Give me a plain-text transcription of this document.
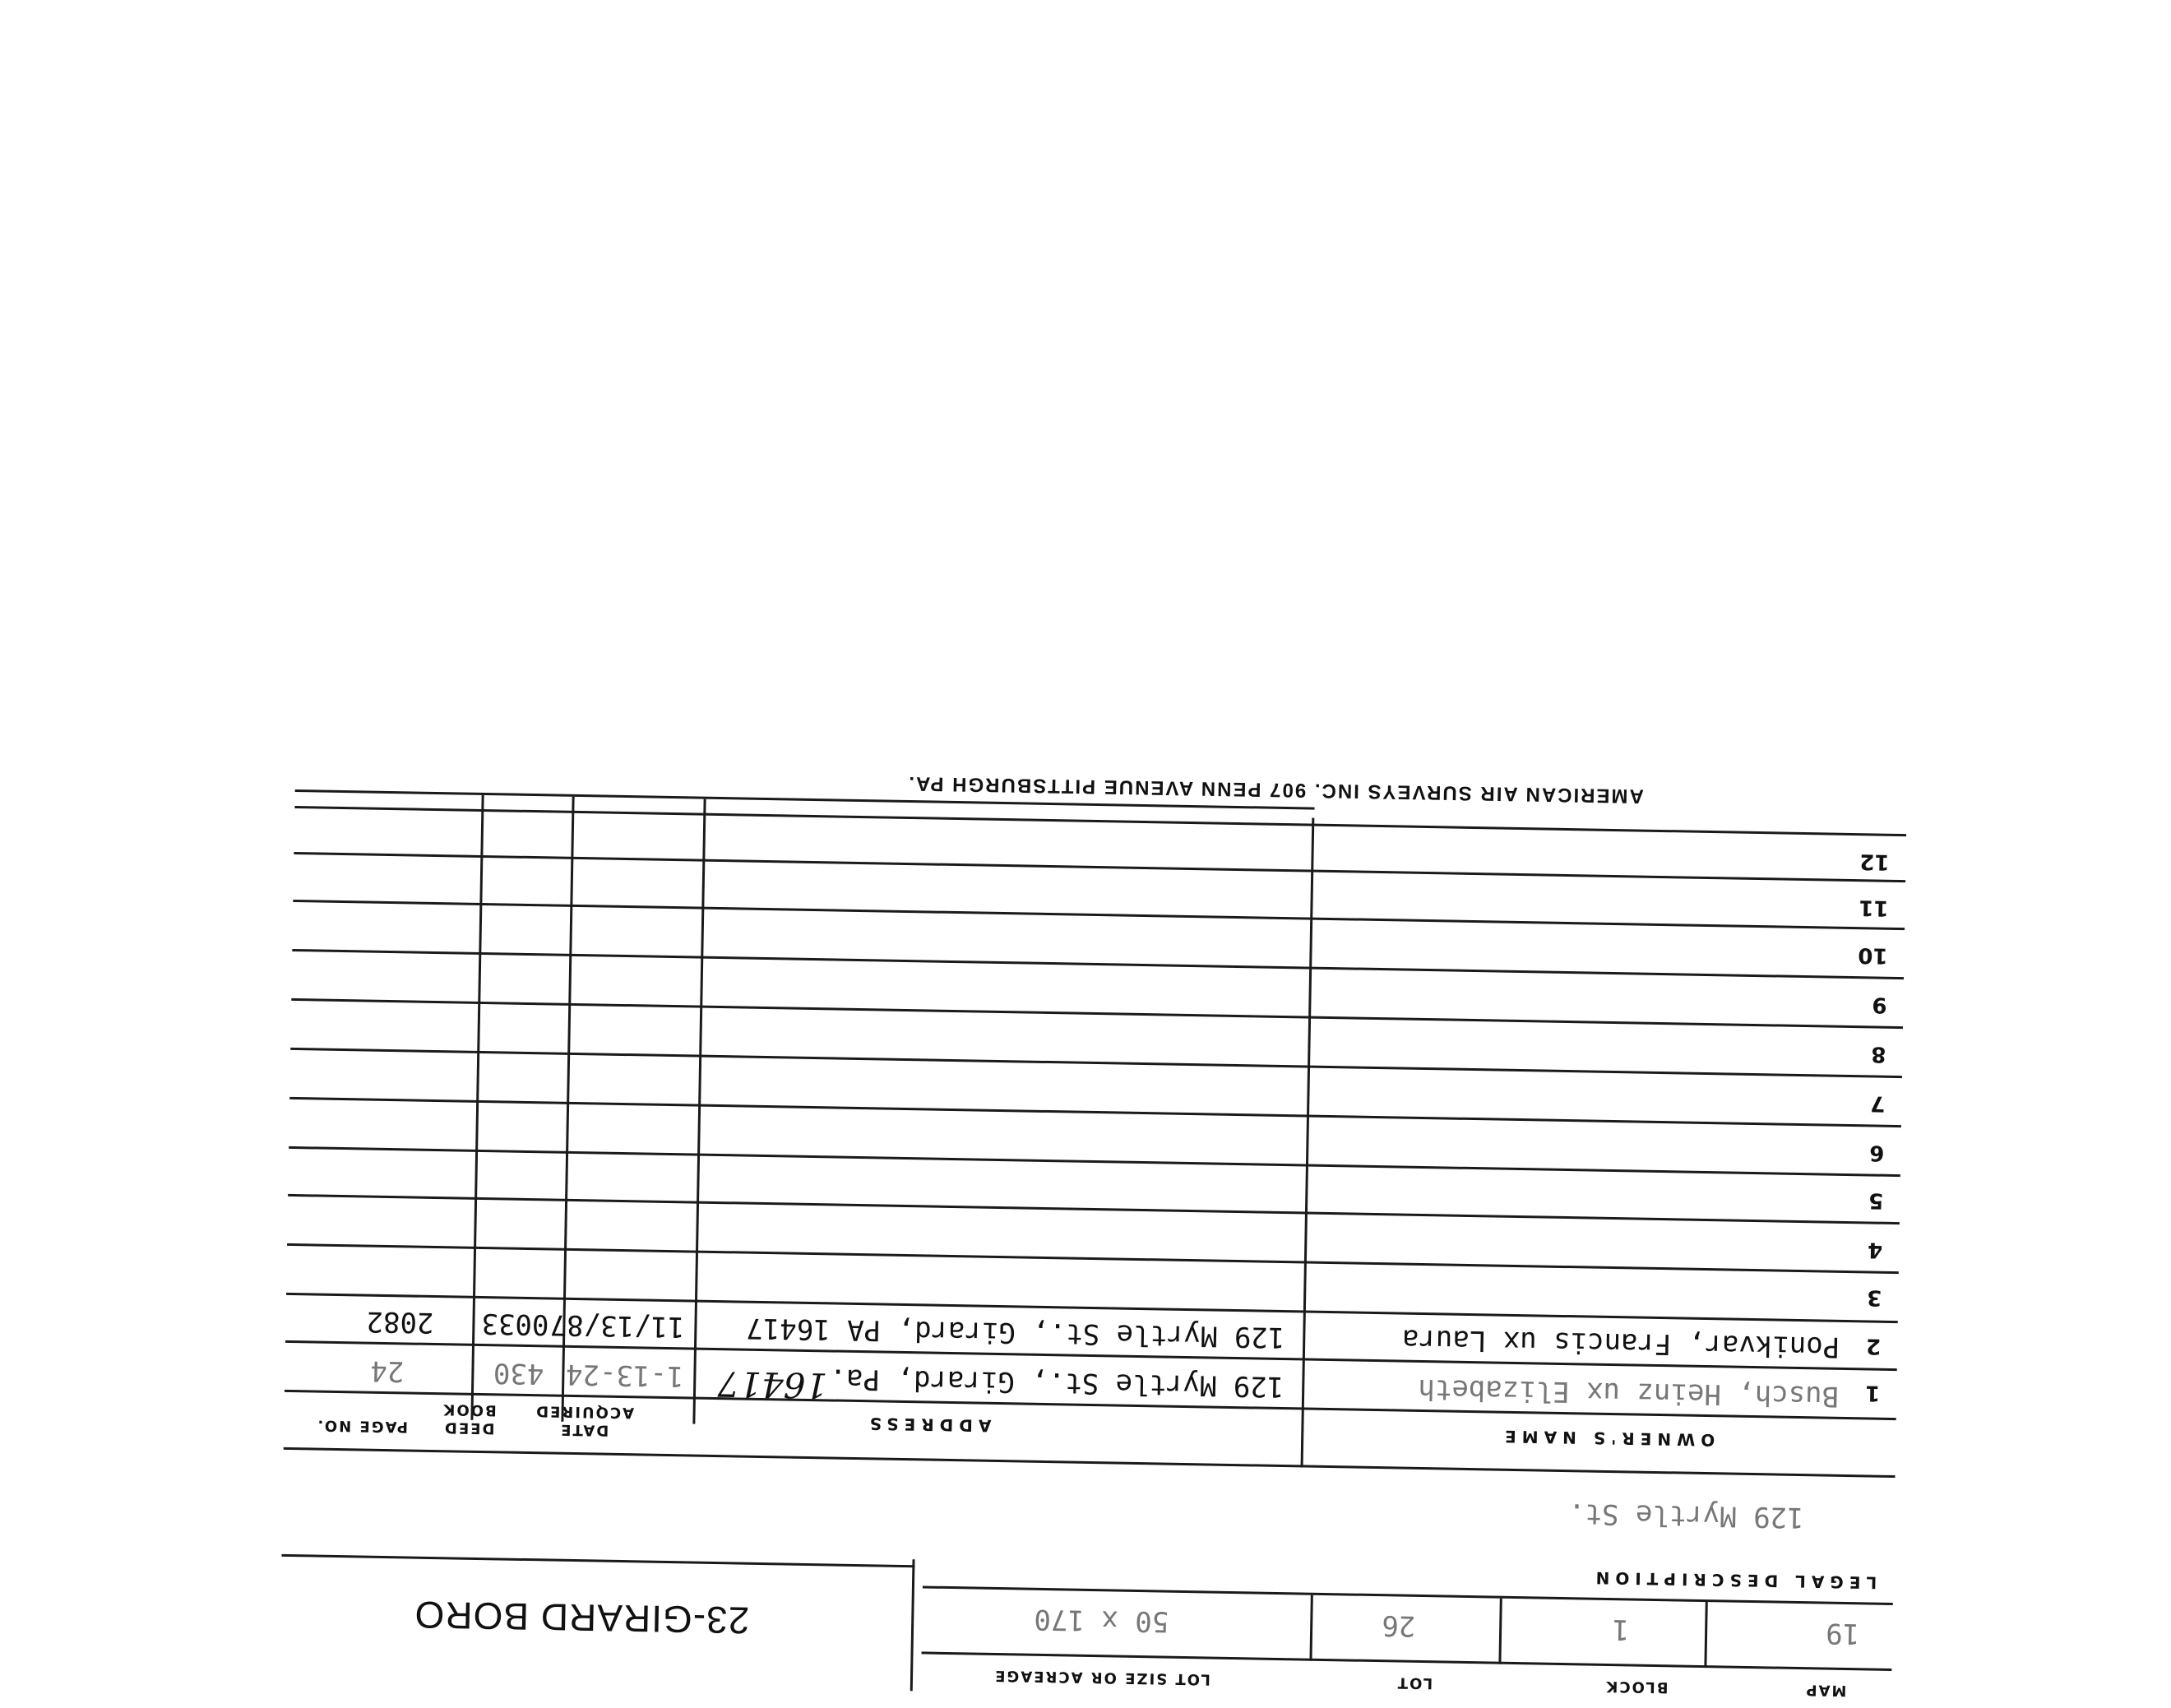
MAP
BLOCK
LOT
LOT SIZE OR ACREAGE
19
1
26
50 x 170
LEGAL DESCRIPTION
23-GIRARD BORO
129 Myrtle St.
OWNER'S NAME
ADDRESS
DATE ACQUIRED
DEED BOOK
PAGE NO.
1
Busch, Heinz ux Elizabeth
129 Myrtle St., Girard, Pa.
16417
1-13-24
430
24
2
Ponikvar, Francis ux Laura
129 Myrtle St., Girard, PA 16417
11/13/87
0033
2082
3
4
5
6
7
8
9
10
11
12
AMERICAN AIR SURVEYS INC. 907 PENN AVENUE PITTSBURGH PA.
